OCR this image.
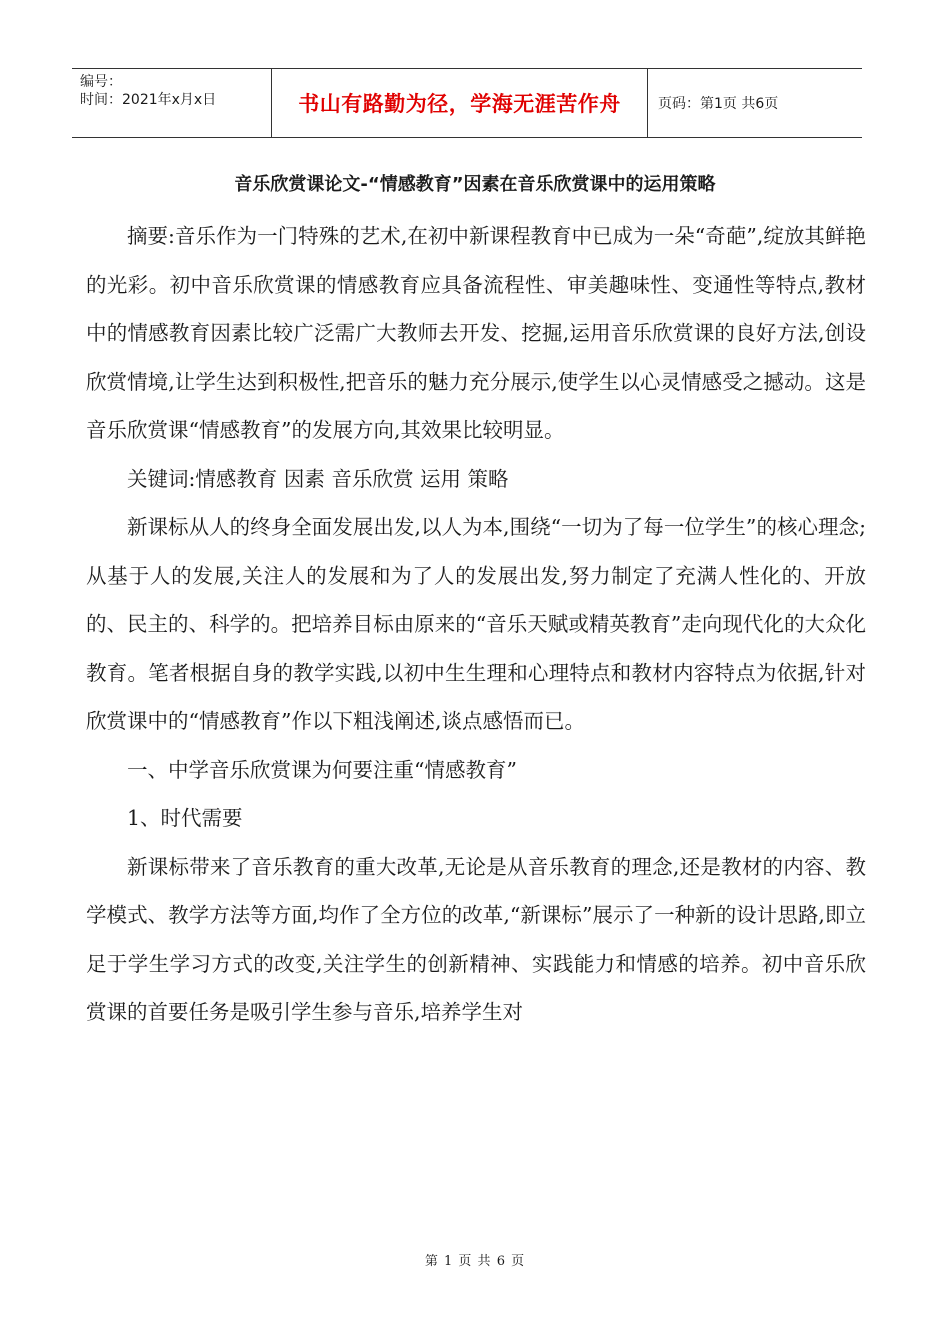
编号：
时间：2021年x月x日	书山有路勤为径，学海无涯苦作舟	页码：第1页 共6页
音乐欣赏课论文-“情感教育”因素在音乐欣赏课中的运用策略

摘要:音乐作为一门特殊的艺术,在初中新课程教育中已成为一朵“奇葩”,绽放其鲜艳的光彩。初中音乐欣赏课的情感教育应具备流程性、审美趣味性、变通性等特点,教材中的情感教育因素比较广泛需广大教师去开发、挖掘,运用音乐欣赏课的良好方法,创设欣赏情境,让学生达到积极性,把音乐的魅力充分展示,使学生以心灵情感受之撼动。这是音乐欣赏课“情感教育”的发展方向,其效果比较明显。

关键词:情感教育 因素 音乐欣赏 运用 策略

新课标从人的终身全面发展出发,以人为本,围绕“一切为了每一位学生”的核心理念;从基于人的发展,关注人的发展和为了人的发展出发,努力制定了充满人性化的、开放的、民主的、科学的。把培养目标由原来的“音乐天赋或精英教育”走向现代化的大众化教育。笔者根据自身的教学实践,以初中生生理和心理特点和教材内容特点为依据,针对欣赏课中的“情感教育”作以下粗浅阐述,谈点感悟而已。

一、中学音乐欣赏课为何要注重“情感教育”

1、时代需要

新课标带来了音乐教育的重大改革,无论是从音乐教育的理念,还是教材的内容、教学模式、教学方法等方面,均作了全方位的改革,“新课标”展示了一种新的设计思路,即立足于学生学习方式的改变,关注学生的创新精神、实践能力和情感的培养。初中音乐欣赏课的首要任务是吸引学生参与音乐,培养学生对

第 1 页 共 6 页
